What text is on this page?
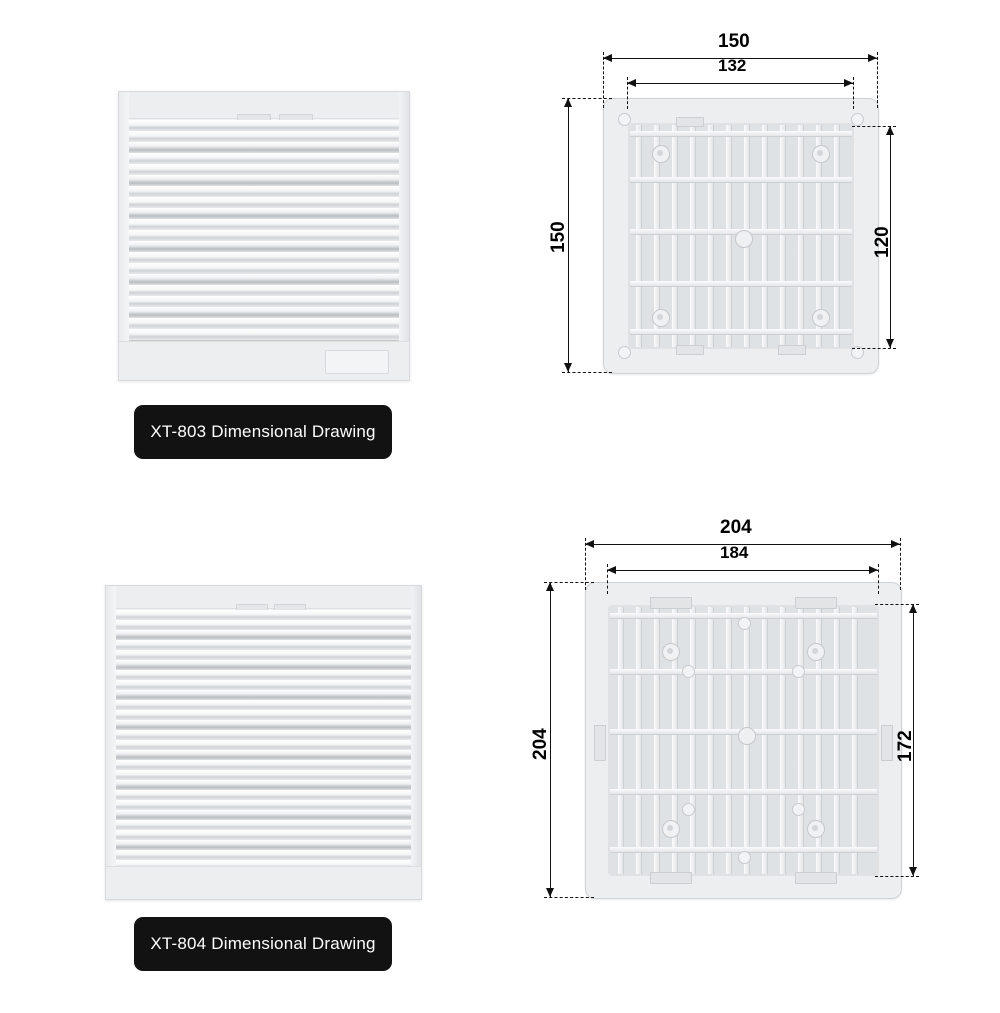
XT-803 Dimensional Drawing
150
132
150	120
XT-804 Dimensional Drawing
204
184
204	172
